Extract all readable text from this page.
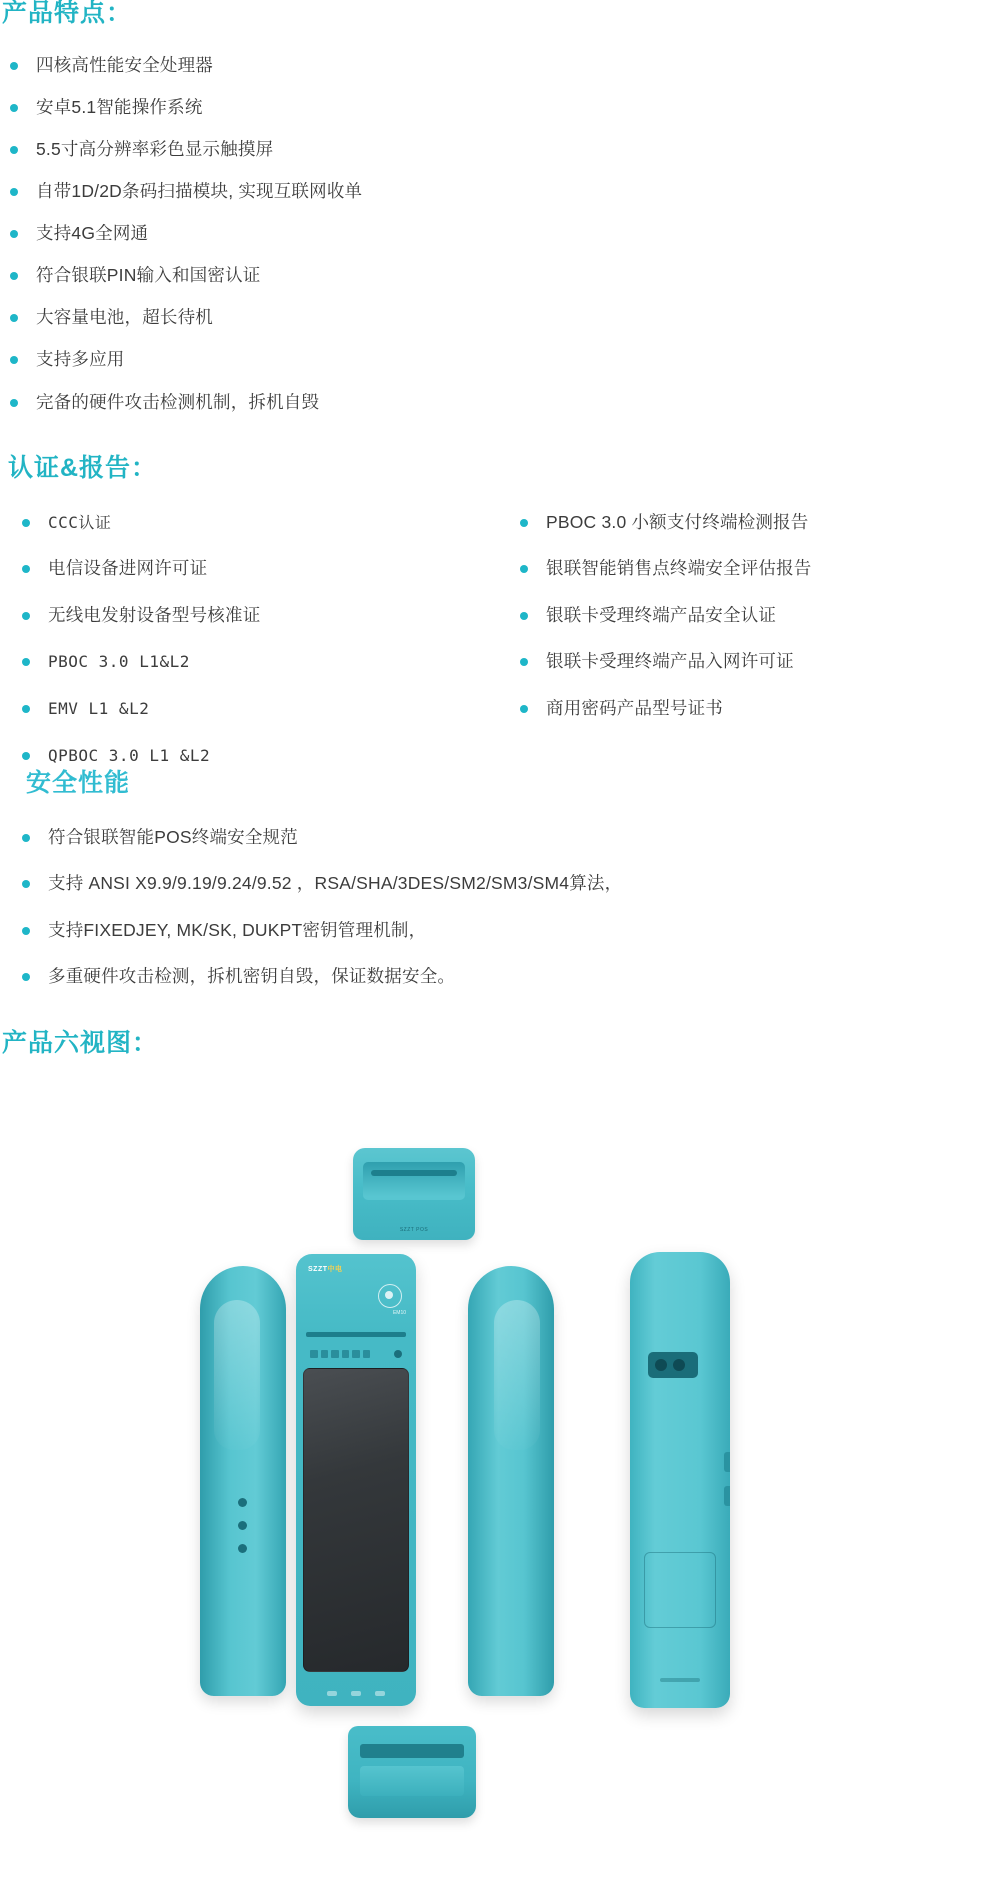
产品特点：
四核高性能安全处理器
安卓5.1智能操作系统
5.5寸高分辨率彩色显示触摸屏
自带1D/2D条码扫描模块, 实现互联网收单
支持4G全网通
符合银联PIN输入和国密认证
大容量电池，超长待机
支持多应用
完备的硬件攻击检测机制，拆机自毁
认证&报告：
CCC认证
电信设备进网许可证
无线电发射设备型号核准证
PBOC 3.0 L1&L2
EMV L1 &L2
QPBOC 3.0 L1 &L2
PBOC 3.0 小额支付终端检测报告
银联智能销售点终端安全评估报告
银联卡受理终端产品安全认证
银联卡受理终端产品入网许可证
商用密码产品型号证书
安全性能
符合银联智能POS终端安全规范
支持 ANSI X9.9/9.19/9.24/9.52 ，RSA/SHA/3DES/SM2/SM3/SM4算法，
支持FIXEDJEY, MK/SK, DUKPT密钥管理机制，
多重硬件攻击检测，拆机密钥自毁，保证数据安全。
产品六视图：
SZZT POS
SZZT中电
EM10
